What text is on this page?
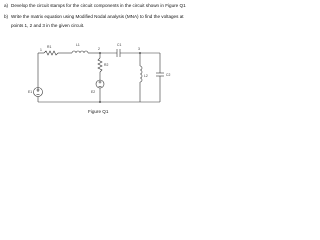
a) Develop the circuit stamps for the circuit components in the circuit shown in Figure Q1
b) Write the matrix equation using Modified Nodal analysis (MNA) to find the voltages at
points 1, 2 and 3 in the given circuit.
R1	L1	C1
R2
L2	C2
E1	E2
1	2	3
Figure Q1
